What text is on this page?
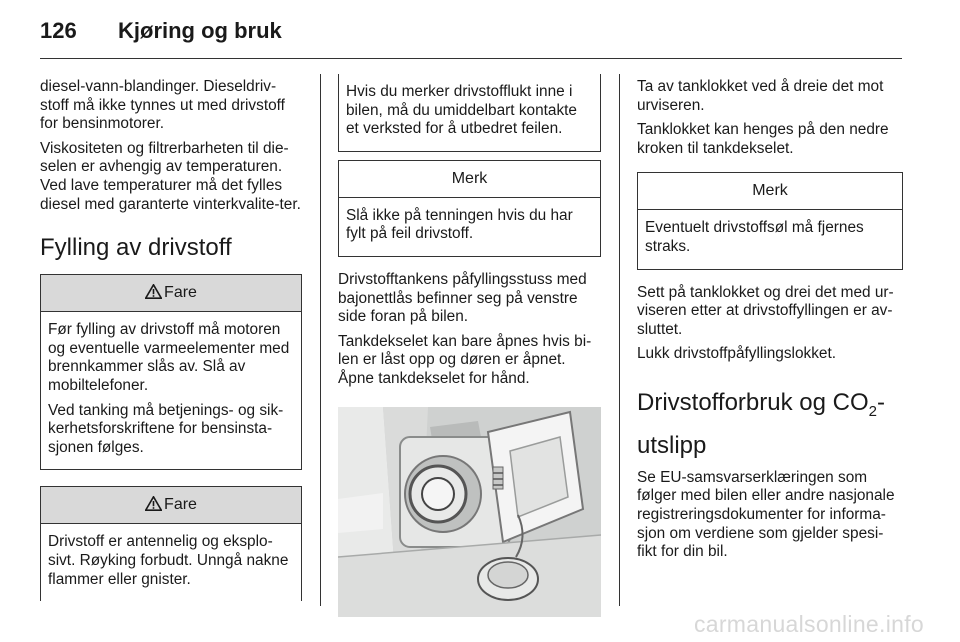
126 Kjøring og bruk

diesel-vann-blandinger. Dieseldriv-stoff må ikke tynnes ut med drivstoff for bensinmotorer.

Viskositeten og filtrerbarheten til die-selen er avhengig av temperaturen. Ved lave temperaturer må det fylles diesel med garanterte vinterkvalite-ter.

Fylling av drivstoff
Fare

Før fylling av drivstoff må motoren og eventuelle varmeelementer med brennkammer slås av. Slå av mobiltelefoner.

Ved tanking må betjenings- og sik-kerhetsforskriftene for bensinsta-sjonen følges.

Fare

Drivstoff er antennelig og eksplo-sivt. Røyking forbudt. Unngå nakne flammer eller gnister.

Hvis du merker drivstofflukt inne i bilen, må du umiddelbart kontakte et verksted for å utbedret feilen.

Merk

Slå ikke på tenningen hvis du har fylt på feil drivstoff.

Drivstofftankens påfyllingsstuss med bajonettlås befinner seg på venstre side foran på bilen.

Tankdekselet kan bare åpnes hvis bi-len er låst opp og døren er åpnet. Åpne tankdekselet for hånd.

Ta av tanklokket ved å dreie det mot urviseren.

Tanklokket kan henges på den nedre kroken til tankdekselet.

Merk

Eventuelt drivstoffsøl må fjernes straks.

Sett på tanklokket og drei det med ur-viseren etter at drivstoffyllingen er av-sluttet.

Lukk drivstoffpåfyllingslokket.

Drivstofforbruk og $CO_2$-utslipp

Se EU-samsvarserklæringen som følger med bilen eller andre nasjonale registreringsdokumenter for informa-sjon om verdiene som gjelder spesi-fikt for din bil.

carmanualsonline.info
